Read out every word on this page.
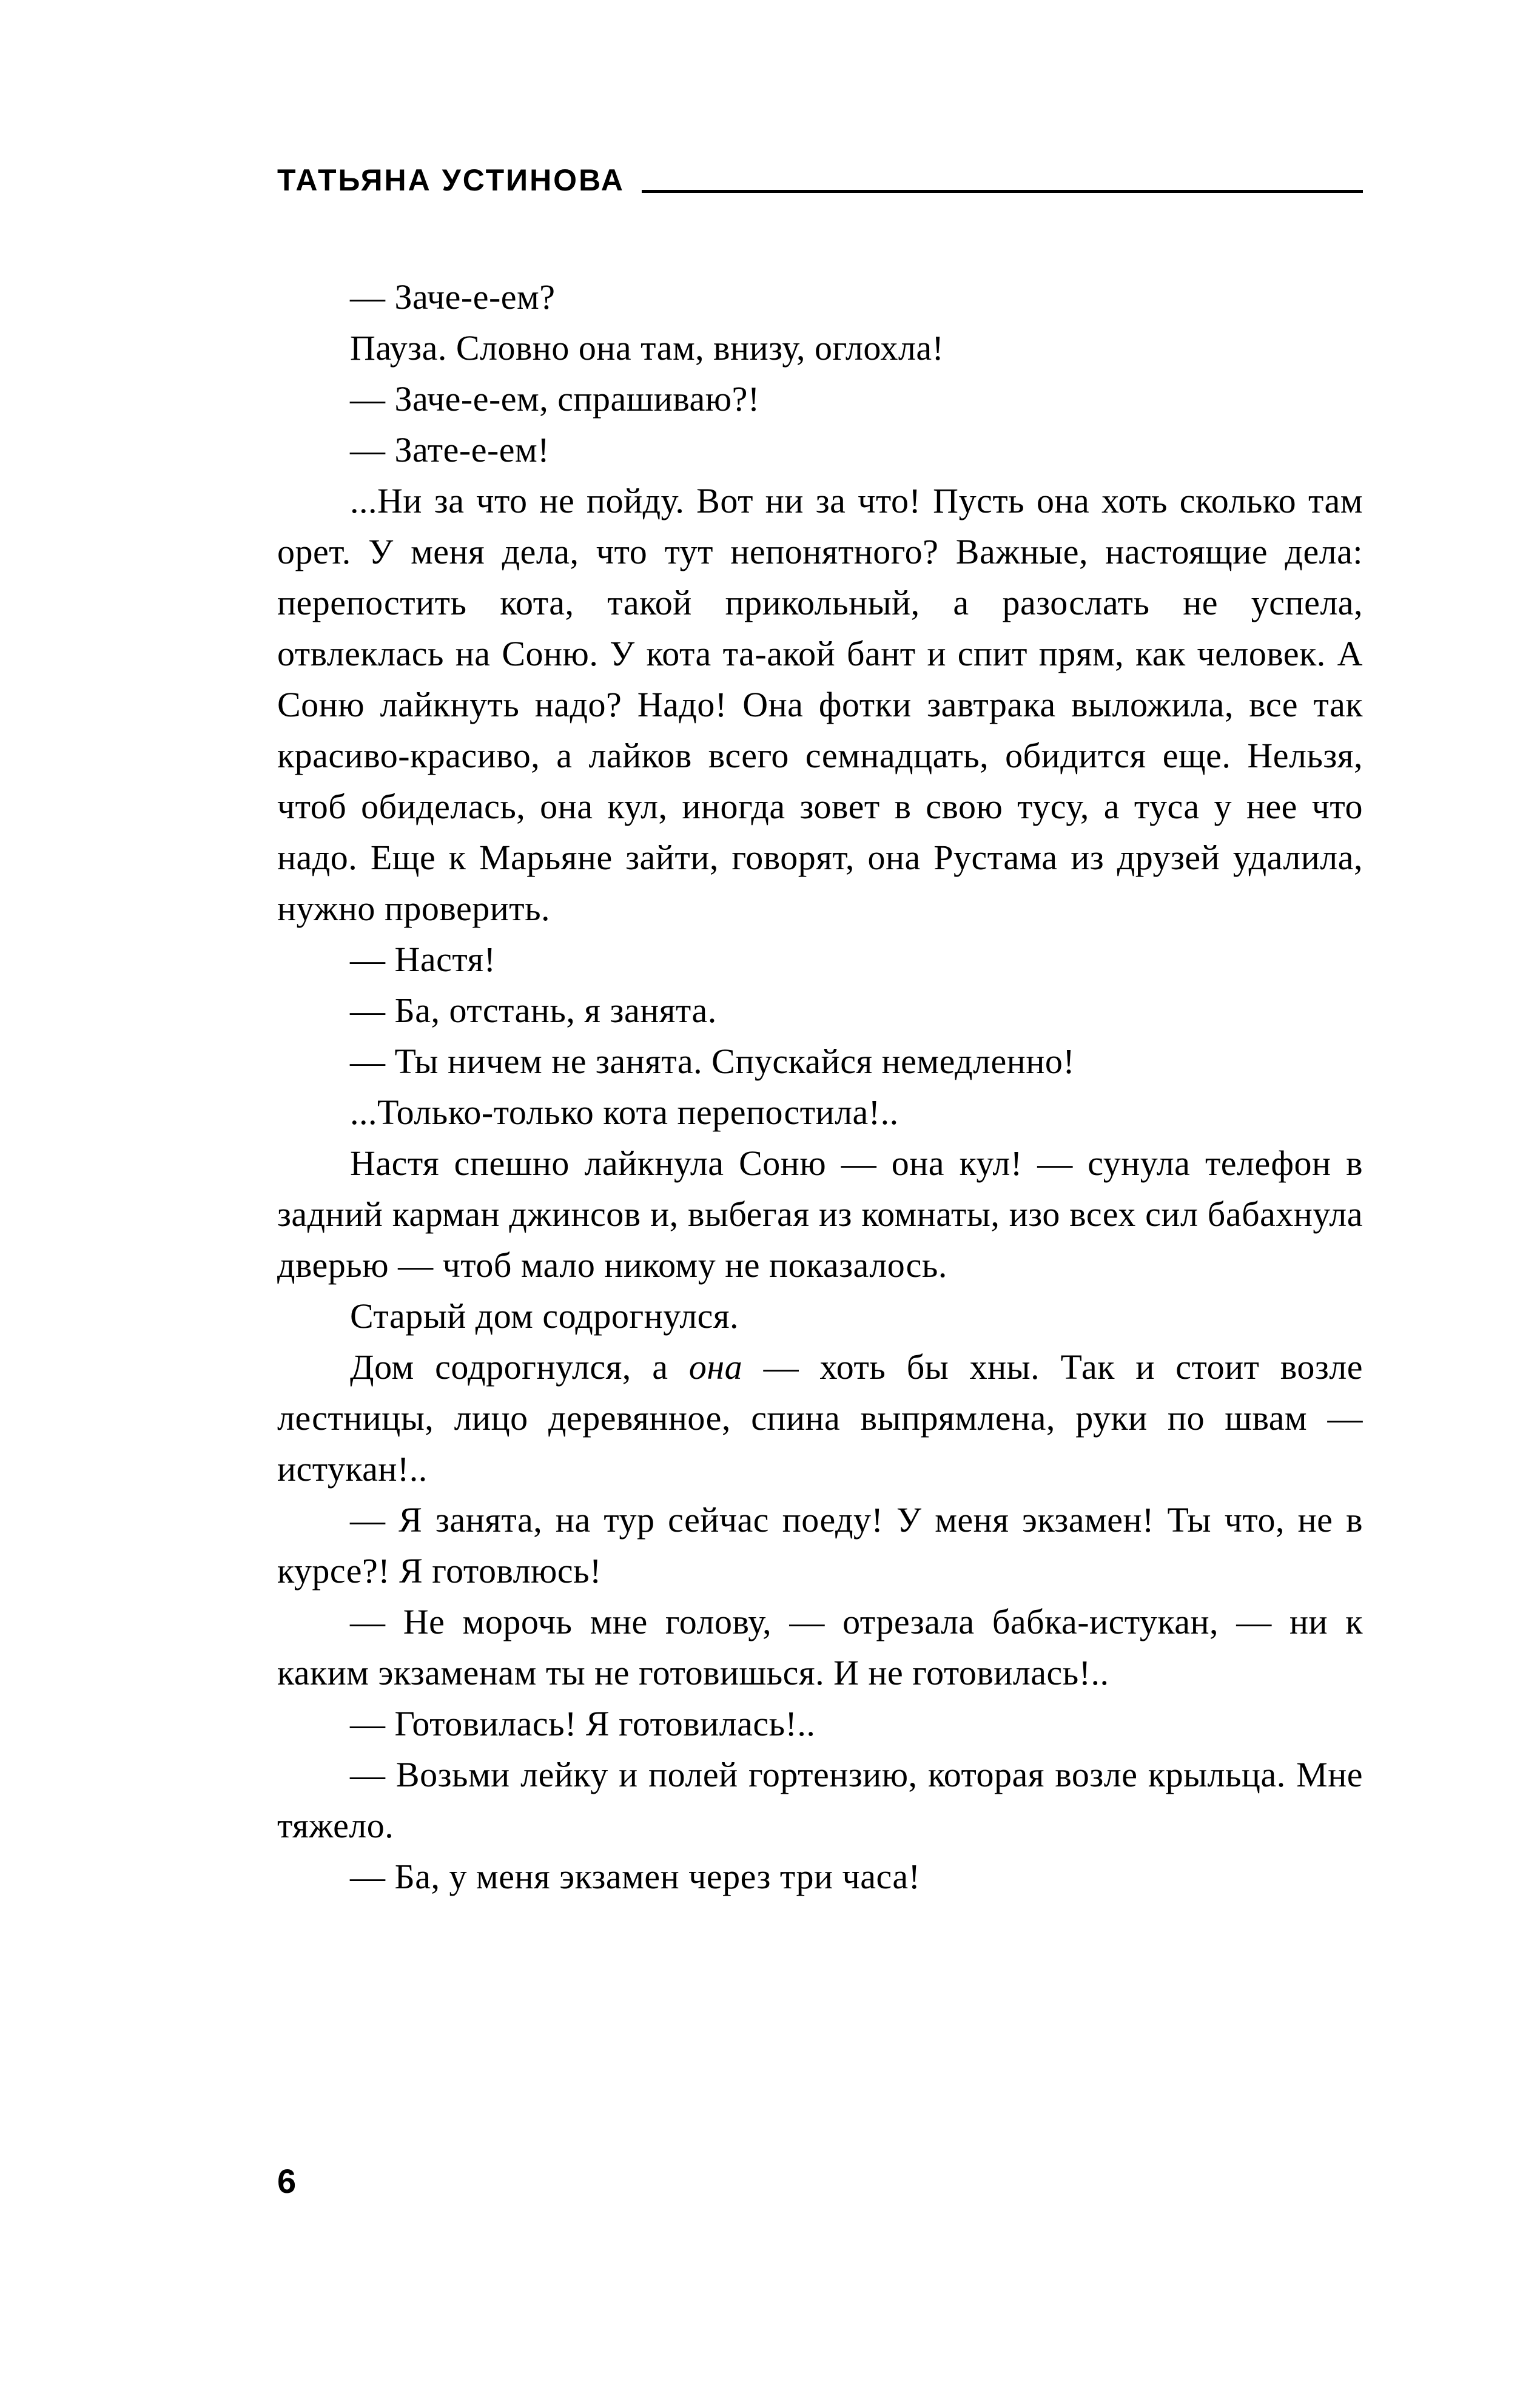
ТАТЬЯНА УСТИНОВА

— Заче-е-ем?

Пауза. Словно она там, внизу, оглохла!

— Заче-е-ем, спрашиваю?!

— Зате-е-ем!

...Ни за что не пойду. Вот ни за что! Пусть она хоть сколько там орет. У меня дела, что тут непонятного? Важные, настоящие дела: перепостить кота, такой прикольный, а разослать не успела, отвлеклась на Соню. У кота та-акой бант и спит прям, как человек. А Соню лайкнуть надо? Надо! Она фотки завтрака выложила, все так красиво-красиво, а лайков всего семнадцать, обидится еще. Нельзя, чтоб обиделась, она кул, иногда зовет в свою тусу, а туса у нее что надо. Еще к Марьяне зайти, говорят, она Рустама из друзей удалила, нужно проверить.

— Настя!

— Ба, отстань, я занята.

— Ты ничем не занята. Спускайся немедленно!

...Только-только кота перепостила!..

Настя спешно лайкнула Соню — она кул! — сунула телефон в задний карман джинсов и, выбегая из комнаты, изо всех сил бабахнула дверью — чтоб мало никому не показалось.

Старый дом содрогнулся.

Дом содрогнулся, а она — хоть бы хны. Так и стоит возле лестницы, лицо деревянное, спина выпрямлена, руки по швам — истукан!..

— Я занята, на тур сейчас поеду! У меня экзамен! Ты что, не в курсе?! Я готовлюсь!

— Не морочь мне голову, — отрезала бабка-истукан, — ни к каким экзаменам ты не готовишься. И не готовилась!..

— Готовилась! Я готовилась!..

— Возьми лейку и полей гортензию, которая возле крыльца. Мне тяжело.

— Ба, у меня экзамен через три часа!

6
